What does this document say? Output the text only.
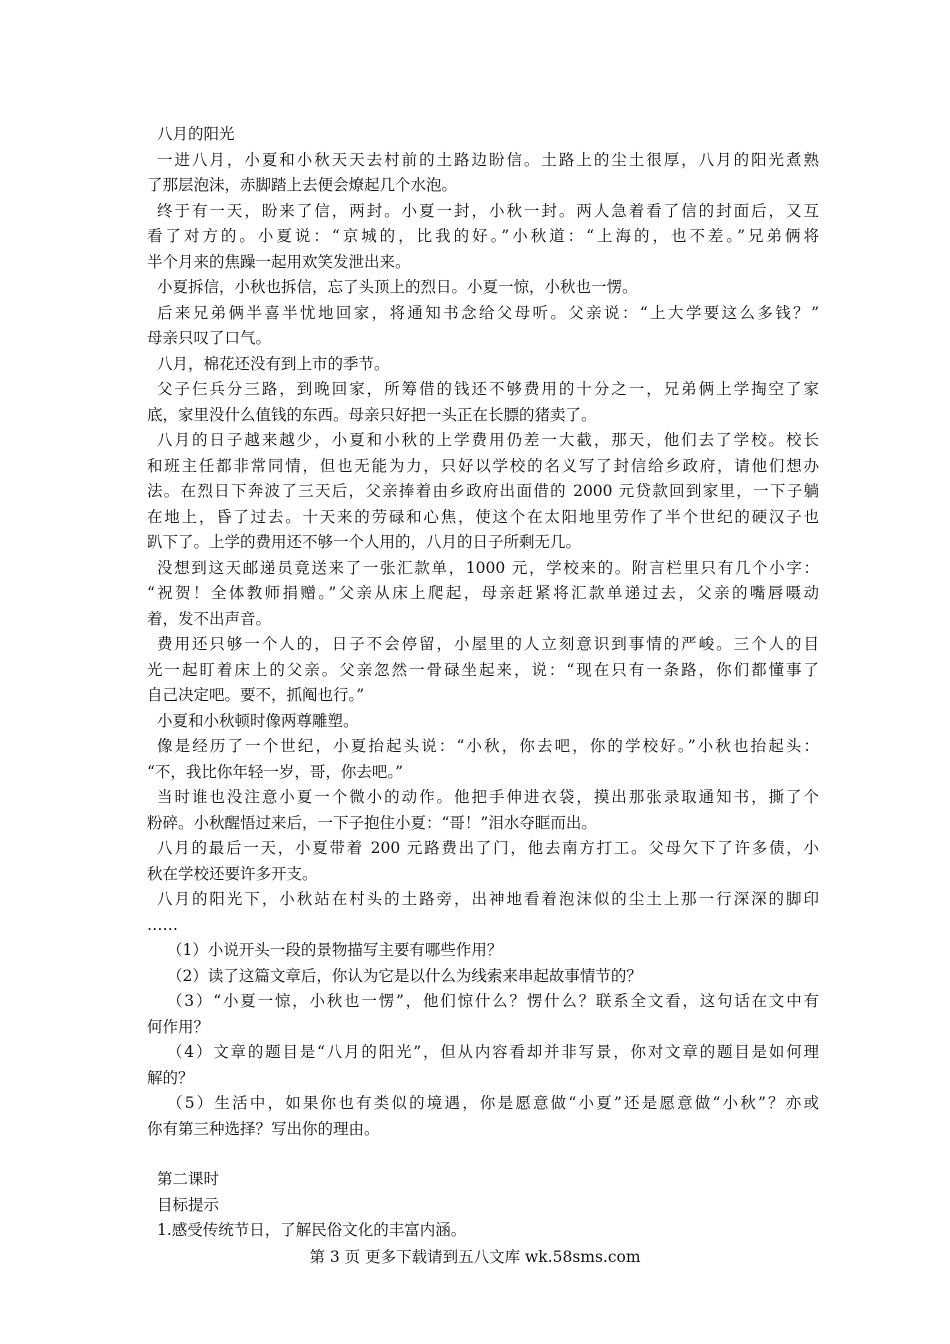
八月的阳光
一进八月，小夏和小秋天天去村前的土路边盼信。土路上的尘土很厚，八月的阳光煮熟
了那层泡沫，赤脚踏上去便会燎起几个水泡。
终于有一天，盼来了信，两封。小夏一封，小秋一封。两人急着看了信的封面后，又互
看了对方的。小夏说：“京城的，比我的好。”小秋道：“上海的，也不差。”兄弟俩将
半个月来的焦躁一起用欢笑发泄出来。
小夏拆信，小秋也拆信，忘了头顶上的烈日。小夏一惊，小秋也一愣。
后来兄弟俩半喜半忧地回家，将通知书念给父母听。父亲说：“上大学要这么多钱？”
母亲只叹了口气。
八月，棉花还没有到上市的季节。
父子仨兵分三路，到晚回家，所筹借的钱还不够费用的十分之一，兄弟俩上学掏空了家
底，家里没什么值钱的东西。母亲只好把一头正在长膘的猪卖了。
八月的日子越来越少，小夏和小秋的上学费用仍差一大截，那天，他们去了学校。校长
和班主任都非常同情，但也无能为力，只好以学校的名义写了封信给乡政府，请他们想办
法。在烈日下奔波了三天后，父亲捧着由乡政府出面借的 2000 元贷款回到家里，一下子躺
在地上，昏了过去。十天来的劳碌和心焦，使这个在太阳地里劳作了半个世纪的硬汉子也
趴下了。上学的费用还不够一个人用的，八月的日子所剩无几。
没想到这天邮递员竟送来了一张汇款单，1000 元，学校来的。附言栏里只有几个小字：
“祝贺！全体教师捐赠。”父亲从床上爬起，母亲赶紧将汇款单递过去，父亲的嘴唇嗫动
着，发不出声音。
费用还只够一个人的，日子不会停留，小屋里的人立刻意识到事情的严峻。三个人的目
光一起盯着床上的父亲。父亲忽然一骨碌坐起来，说：“现在只有一条路，你们都懂事了
自己决定吧。要不，抓阄也行。”
小夏和小秋顿时像两尊雕塑。
像是经历了一个世纪，小夏抬起头说：“小秋，你去吧，你的学校好。”小秋也抬起头：
“不，我比你年轻一岁，哥，你去吧。”
当时谁也没注意小夏一个微小的动作。他把手伸进衣袋，摸出那张录取通知书，撕了个
粉碎。小秋醒悟过来后，一下子抱住小夏：“哥！”泪水夺眶而出。
八月的最后一天，小夏带着 200 元路费出了门，他去南方打工。父母欠下了许多债，小
秋在学校还要许多开支。
八月的阳光下，小秋站在村头的土路旁，出神地看着泡沫似的尘土上那一行深深的脚印
……
（1）小说开头一段的景物描写主要有哪些作用？
（2）读了这篇文章后，你认为它是以什么为线索来串起故事情节的？
（3）“小夏一惊，小秋也一愣”，他们惊什么？愣什么？联系全文看，这句话在文中有
何作用？
（4）文章的题目是“八月的阳光”，但从内容看却并非写景，你对文章的题目是如何理
解的？
（5）生活中，如果你也有类似的境遇，你是愿意做“小夏”还是愿意做“小秋”？亦或
你有第三种选择？写出你的理由。
第二课时
目标提示
1.感受传统节日，了解民俗文化的丰富内涵。
第 3 页 更多下载请到五八文库 wk.58sms.com
